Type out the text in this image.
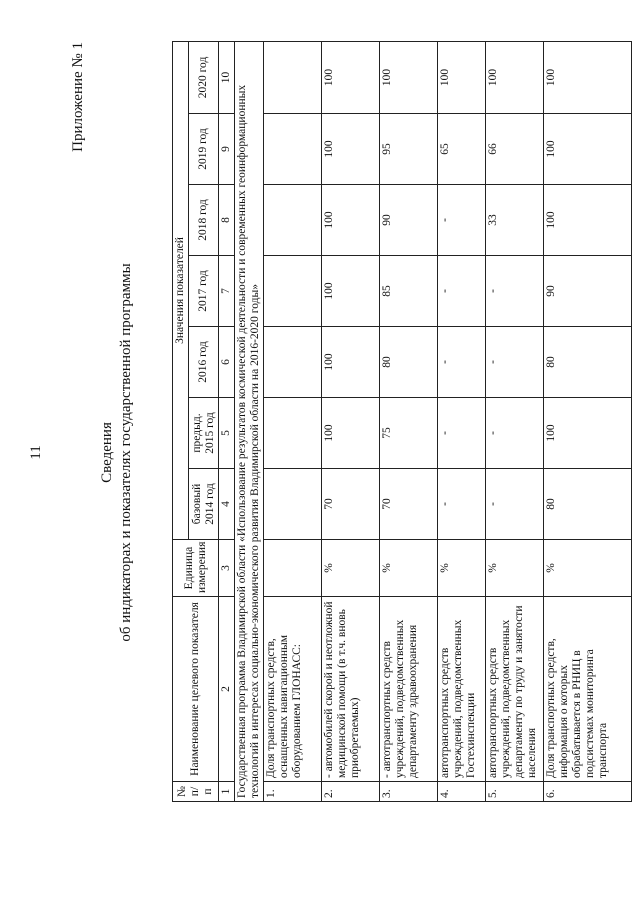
11
Приложение № 1
Сведения об индикаторах и показателях государственной программы
№ п/п	Наименование целевого показателя	Единица измерения	Значения показателей						
			базовый 2014 год	предыд. 2015 год	2016 год	2017 год	2018 год	2019 год	2020 год
1	2	3	4	5	6	7	8	9	10
Государственная программа Владимирской области «Использование результатов космической деятельности и современных геоинформационных технологий в интересах социально-экономического развития Владимирской области на 2016-2020 годы»									
1.	Доля транспортных средств, оснащенных навигационным оборудованием ГЛОНАСС:								
2.	- автомобилей скорой и неотложной медицинской помощи (в т.ч. вновь приобретаемых)	%	70	100	100	100	100	100	100
3.	- автотранспортных средств учреждений, подведомственных департаменту здравоохранения	%	70	75	80	85	90	95	100
4.	автотранспортных средств учреждений, подведомственных Гостехинспекции	%	-	-	-	-	-	65	100
5.	автотранспортных средств учреждений, подведомственных департаменту по труду и занятости населения	%	-	-	-	-	33	66	100
6.	Доля транспортных средств, информация о которых обрабатывается в РНИЦ в подсистемах мониторинга транспорта	%	80	100	80	90	100	100	100
